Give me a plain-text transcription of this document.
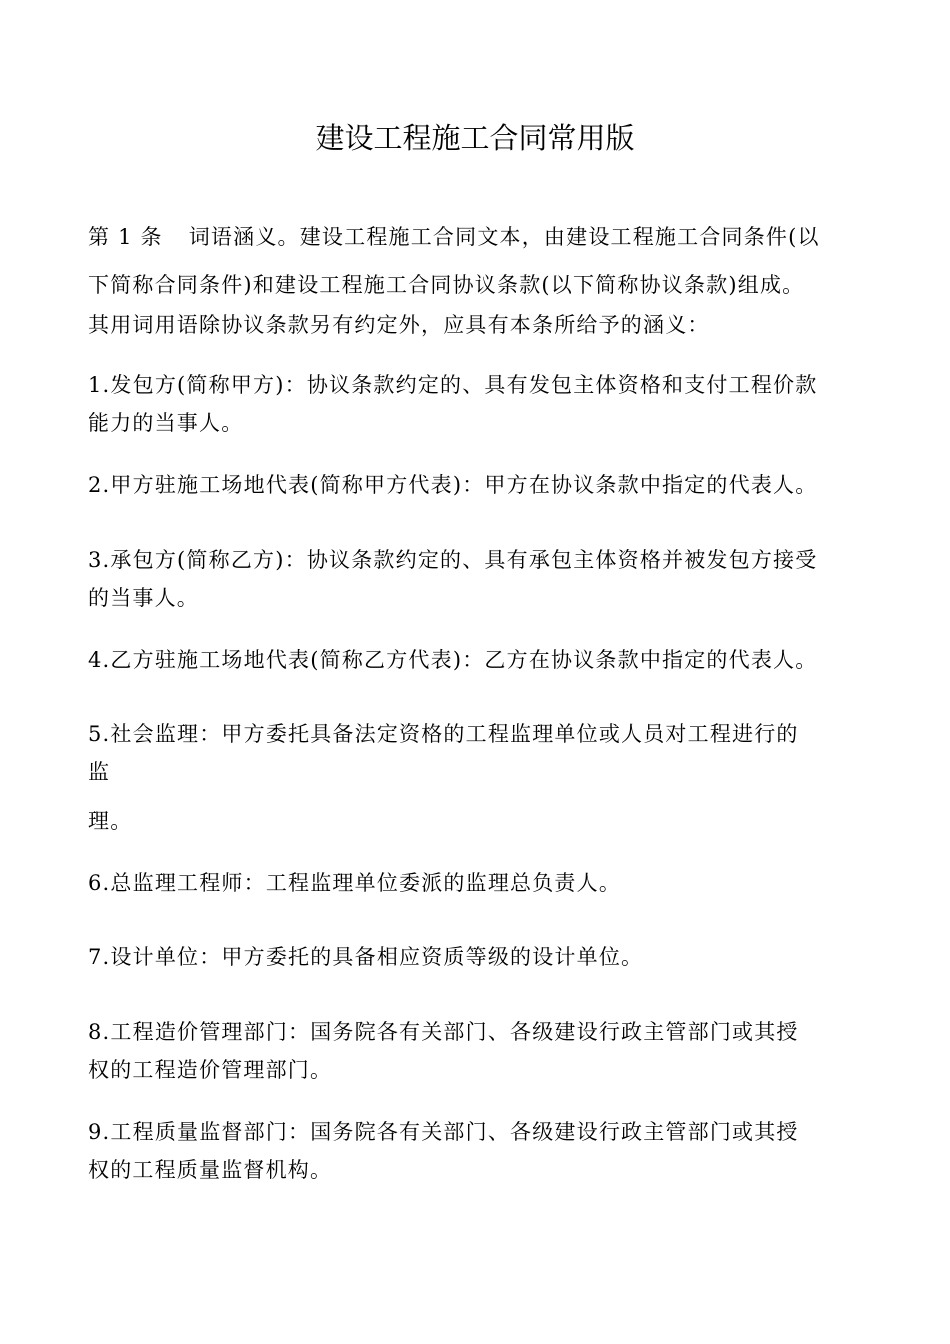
建设工程施工合同常用版
第 1 条 词语涵义。建设工程施工合同文本，由建设工程施工合同条件(以
下简称合同条件)和建设工程施工合同协议条款(以下简称协议条款)组成。
其用词用语除协议条款另有约定外，应具有本条所给予的涵义：
1.发包方(简称甲方)：协议条款约定的、具有发包主体资格和支付工程价款
能力的当事人。
2.甲方驻施工场地代表(简称甲方代表)：甲方在协议条款中指定的代表人。
3.承包方(简称乙方)：协议条款约定的、具有承包主体资格并被发包方接受
的当事人。
4.乙方驻施工场地代表(简称乙方代表)：乙方在协议条款中指定的代表人。
5.社会监理：甲方委托具备法定资格的工程监理单位或人员对工程进行的
监
理。
6.总监理工程师：工程监理单位委派的监理总负责人。
7.设计单位：甲方委托的具备相应资质等级的设计单位。
8.工程造价管理部门：国务院各有关部门、各级建设行政主管部门或其授
权的工程造价管理部门。
9.工程质量监督部门：国务院各有关部门、各级建设行政主管部门或其授
权的工程质量监督机构。
